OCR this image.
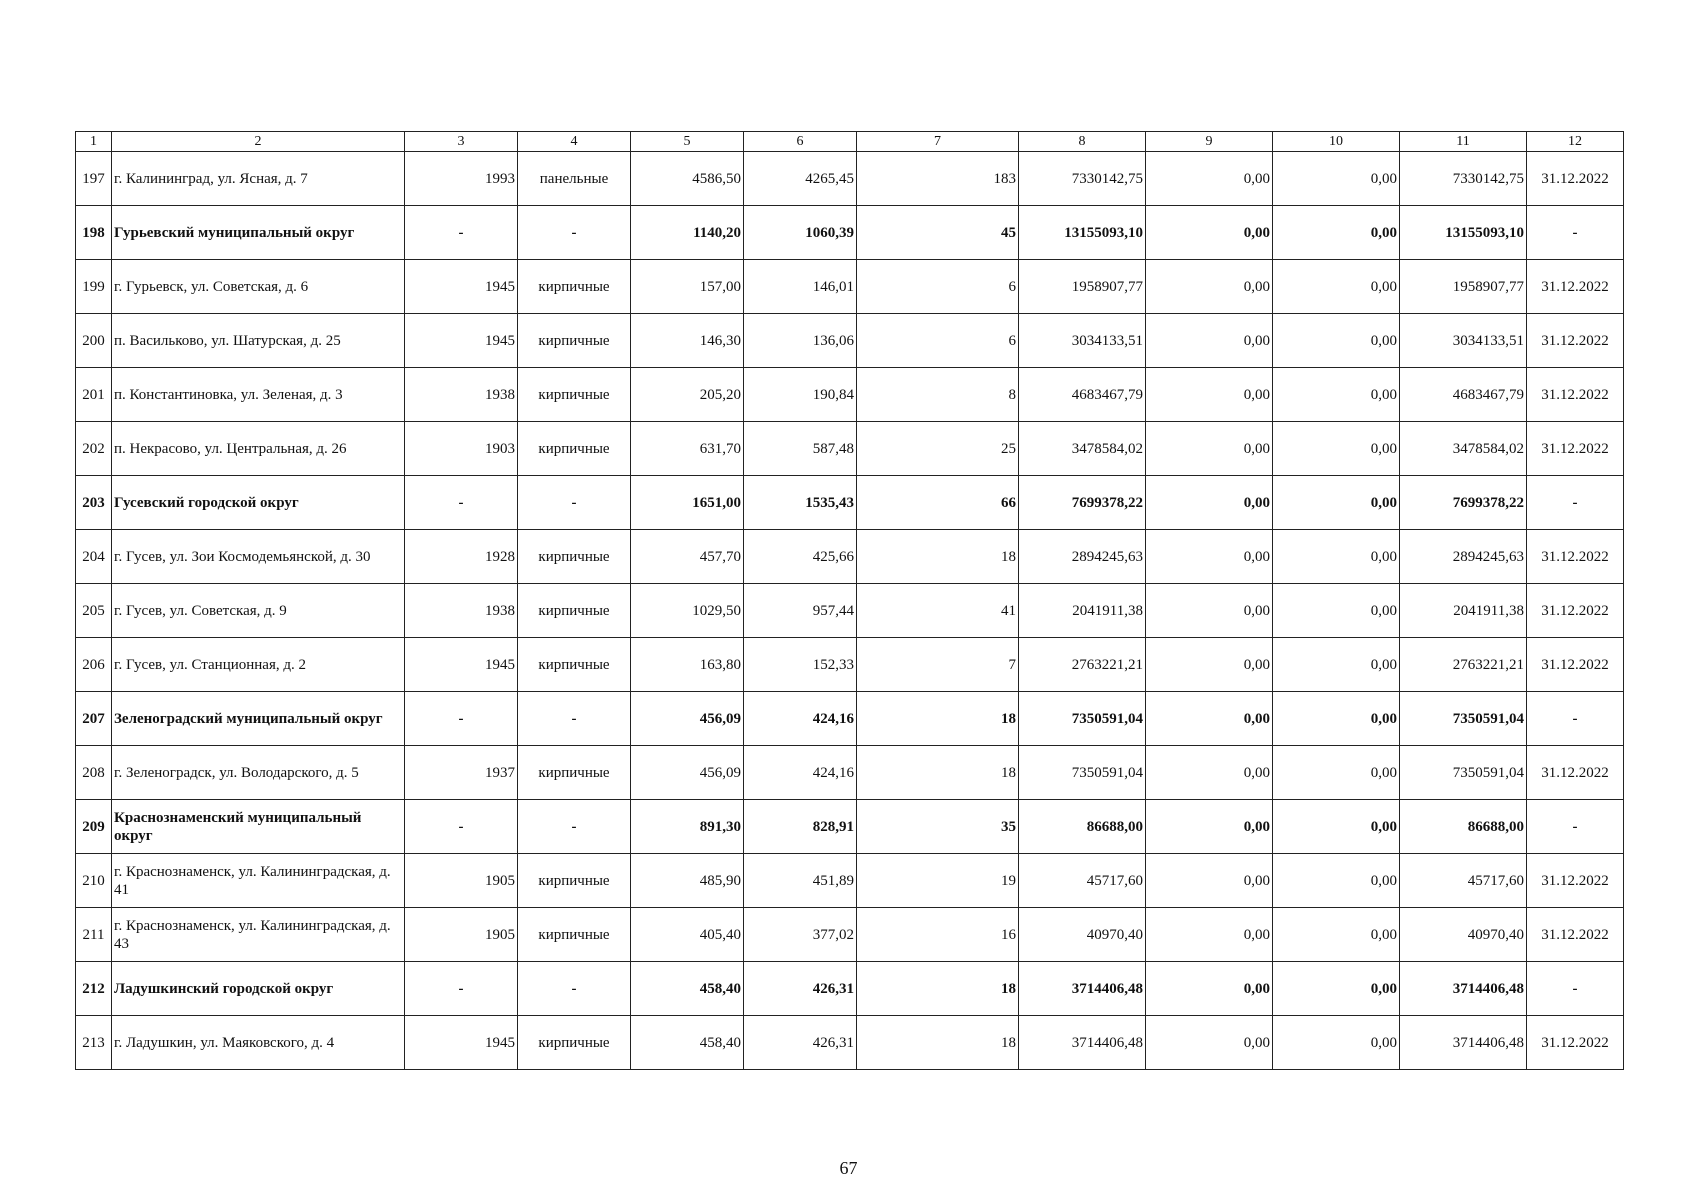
1	2	3	4	5	6	7	8	9	10	11	12
197	г. Калининград, ул. Ясная, д. 7	1993	панельные	4586,50	4265,45	183	7330142,75	0,00	0,00	7330142,75	31.12.2022
198	Гурьевский муниципальный округ	-	-	1140,20	1060,39	45	13155093,10	0,00	0,00	13155093,10	-
199	г. Гурьевск, ул. Советская, д. 6	1945	кирпичные	157,00	146,01	6	1958907,77	0,00	0,00	1958907,77	31.12.2022
200	п. Васильково, ул. Шатурская, д. 25	1945	кирпичные	146,30	136,06	6	3034133,51	0,00	0,00	3034133,51	31.12.2022
201	п. Константиновка, ул. Зеленая, д. 3	1938	кирпичные	205,20	190,84	8	4683467,79	0,00	0,00	4683467,79	31.12.2022
202	п. Некрасово, ул. Центральная, д. 26	1903	кирпичные	631,70	587,48	25	3478584,02	0,00	0,00	3478584,02	31.12.2022
203	Гусевский городской округ	-	-	1651,00	1535,43	66	7699378,22	0,00	0,00	7699378,22	-
204	г. Гусев, ул. Зои Космодемьянской, д. 30	1928	кирпичные	457,70	425,66	18	2894245,63	0,00	0,00	2894245,63	31.12.2022
205	г. Гусев, ул. Советская, д. 9	1938	кирпичные	1029,50	957,44	41	2041911,38	0,00	0,00	2041911,38	31.12.2022
206	г. Гусев, ул. Станционная, д. 2	1945	кирпичные	163,80	152,33	7	2763221,21	0,00	0,00	2763221,21	31.12.2022
207	Зеленоградский муниципальный округ	-	-	456,09	424,16	18	7350591,04	0,00	0,00	7350591,04	-
208	г. Зеленоградск, ул. Володарского, д. 5	1937	кирпичные	456,09	424,16	18	7350591,04	0,00	0,00	7350591,04	31.12.2022
209	Краснознаменский муниципальный округ	-	-	891,30	828,91	35	86688,00	0,00	0,00	86688,00	-
210	г. Краснознаменск, ул. Калининградская, д. 41	1905	кирпичные	485,90	451,89	19	45717,60	0,00	0,00	45717,60	31.12.2022
211	г. Краснознаменск, ул. Калининградская, д. 43	1905	кирпичные	405,40	377,02	16	40970,40	0,00	0,00	40970,40	31.12.2022
212	Ладушкинский городской округ	-	-	458,40	426,31	18	3714406,48	0,00	0,00	3714406,48	-
213	г. Ладушкин, ул. Маяковского, д. 4	1945	кирпичные	458,40	426,31	18	3714406,48	0,00	0,00	3714406,48	31.12.2022
67
